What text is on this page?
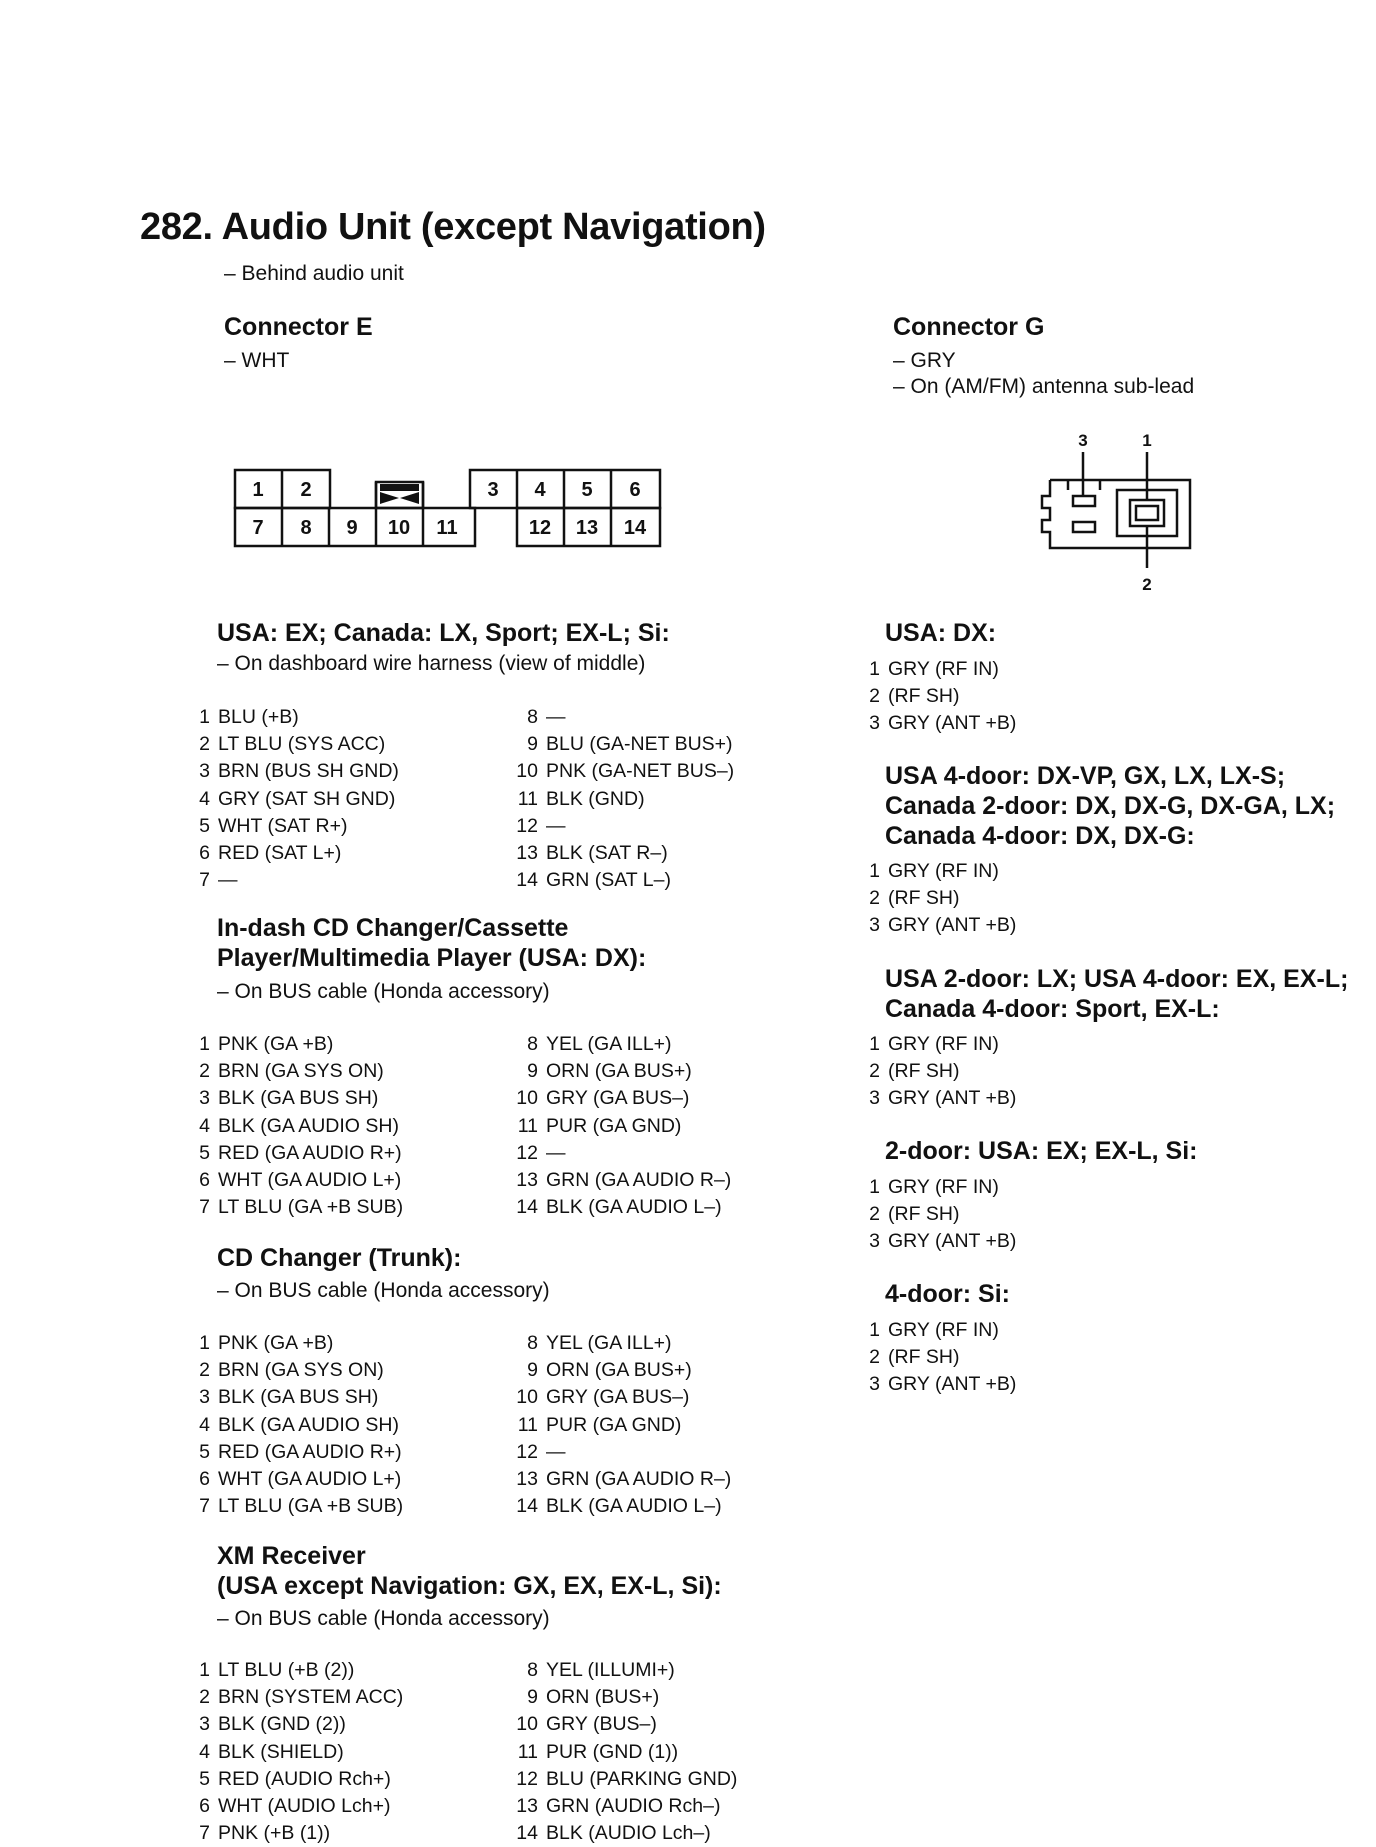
282. Audio Unit (except Navigation)
– Behind audio unit
Connector E
– WHT
1 2	3 4 5 6
7 8 9 10 11	12 13 14
Connector G
– GRY
– On (AM/FM) antenna sub-lead
3	1
2
USA: EX; Canada: LX, Sport; EX-L; Si:
– On dashboard wire harness (view of middle)
1 BLU (+B)
2 LT BLU (SYS ACC)
3 BRN (BUS SH GND)
4 GRY (SAT SH GND)
5 WHT (SAT R+)
6 RED (SAT L+)
7 —
8 —
9 BLU (GA-NET BUS+)
10 PNK (GA-NET BUS–)
11 BLK (GND)
12 —
13 BLK (SAT R–)
14 GRN (SAT L–)
In-dash CD Changer/Cassette
Player/Multimedia Player (USA: DX):
– On BUS cable (Honda accessory)
1 PNK (GA +B)
2 BRN (GA SYS ON)
3 BLK (GA BUS SH)
4 BLK (GA AUDIO SH)
5 RED (GA AUDIO R+)
6 WHT (GA AUDIO L+)
7 LT BLU (GA +B SUB)
8 YEL (GA ILL+)
9 ORN (GA BUS+)
10 GRY (GA BUS–)
11 PUR (GA GND)
12 —
13 GRN (GA AUDIO R–)
14 BLK (GA AUDIO L–)
CD Changer (Trunk):
– On BUS cable (Honda accessory)
1 PNK (GA +B)
2 BRN (GA SYS ON)
3 BLK (GA BUS SH)
4 BLK (GA AUDIO SH)
5 RED (GA AUDIO R+)
6 WHT (GA AUDIO L+)
7 LT BLU (GA +B SUB)
8 YEL (GA ILL+)
9 ORN (GA BUS+)
10 GRY (GA BUS–)
11 PUR (GA GND)
12 —
13 GRN (GA AUDIO R–)
14 BLK (GA AUDIO L–)
XM Receiver
(USA except Navigation: GX, EX, EX-L, Si):
– On BUS cable (Honda accessory)
1 LT BLU (+B (2))
2 BRN (SYSTEM ACC)
3 BLK (GND (2))
4 BLK (SHIELD)
5 RED (AUDIO Rch+)
6 WHT (AUDIO Lch+)
7 PNK (+B (1))
8 YEL (ILLUMI+)
9 ORN (BUS+)
10 GRY (BUS–)
11 PUR (GND (1))
12 BLU (PARKING GND)
13 GRN (AUDIO Rch–)
14 BLK (AUDIO Lch–)
USA: DX:
1 GRY (RF IN)
2 (RF SH)
3 GRY (ANT +B)
USA 4-door: DX-VP, GX, LX, LX-S;
Canada 2-door: DX, DX-G, DX-GA, LX;
Canada 4-door: DX, DX-G:
1 GRY (RF IN)
2 (RF SH)
3 GRY (ANT +B)
USA 2-door: LX; USA 4-door: EX, EX-L;
Canada 4-door: Sport, EX-L:
1 GRY (RF IN)
2 (RF SH)
3 GRY (ANT +B)
2-door: USA: EX; EX-L, Si:
1 GRY (RF IN)
2 (RF SH)
3 GRY (ANT +B)
4-door: Si:
1 GRY (RF IN)
2 (RF SH)
3 GRY (ANT +B)
